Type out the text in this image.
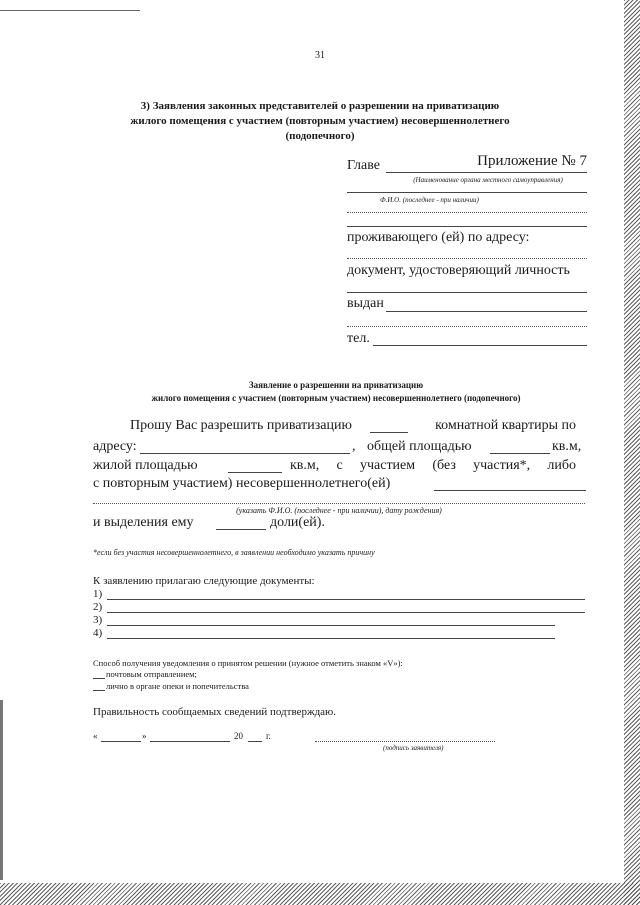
31
3) Заявления законных представителей о разрешении на приватизацию
жилого помещения с участием (повторным участием) несовершеннолетнего
(подопечного)
Приложение № 7
Главе
(Наименование органа местного самоуправления)
Ф.И.О. (последнее - при наличии)
проживающего (ей) по адресу:
документ, удостоверяющий личность
выдан
тел.
Заявление о разрешении на приватизацию
жилого помещения с участием (повторным участием) несовершеннолетнего (подопечного)
Прошу Вас разрешить приватизацию	комнатной квартиры по
адресу:	, общей площадью	кв.м,
жилой площадью	кв.м, с участием (без участия*, либо
с повторным участием) несовершеннолетнего(ей)
(указать Ф.И.О. (последнее - при наличии), дату рождения)
и выделения ему	доли(ей).
*если без участия несовершеннолетнего, в заявлении необходимо указать причину
К заявлению прилагаю следующие документы:
1)
2)
3)
4)
Способ получения уведомления о принятом решении (нужное отметить знаком «V»):
почтовым отправлением;
лично в органе опеки и попечительства
Правильность сообщаемых сведений подтверждаю.
«	»	20	г.
(подпись заявителя)
